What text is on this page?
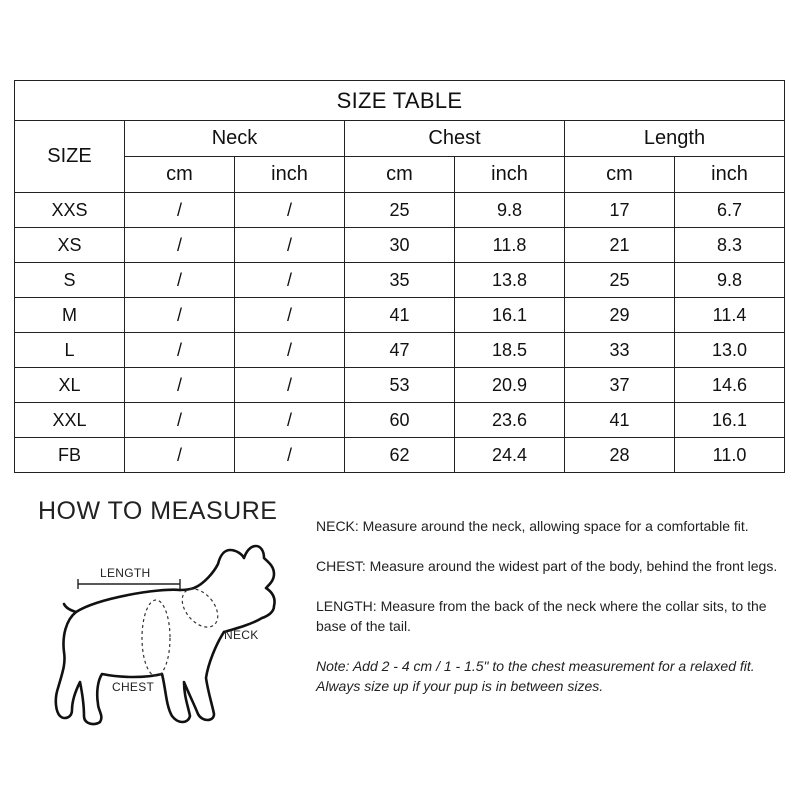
SIZE TABLE						
SIZE	Neck		Chest		Length	
	cm	inch	cm	inch	cm	inch
XXS	/	/	25	9.8	17	6.7
XS	/	/	30	11.8	21	8.3
S	/	/	35	13.8	25	9.8
M	/	/	41	16.1	29	11.4
L	/	/	47	18.5	33	13.0
XL	/	/	53	20.9	37	14.6
XXL	/	/	60	23.6	41	16.1
FB	/	/	62	24.4	28	11.0
HOW TO MEASURE
LENGTH
NECK
CHEST

NECK: Measure around the neck, allowing space for a comfortable fit.

CHEST: Measure around the widest part of the body, behind the front legs.

LENGTH: Measure from the back of the neck where the collar sits, to the base of the tail.

Note: Add 2 - 4 cm / 1 - 1.5" to the chest measurement for a relaxed fit. Always size up if your pup is in between sizes.
